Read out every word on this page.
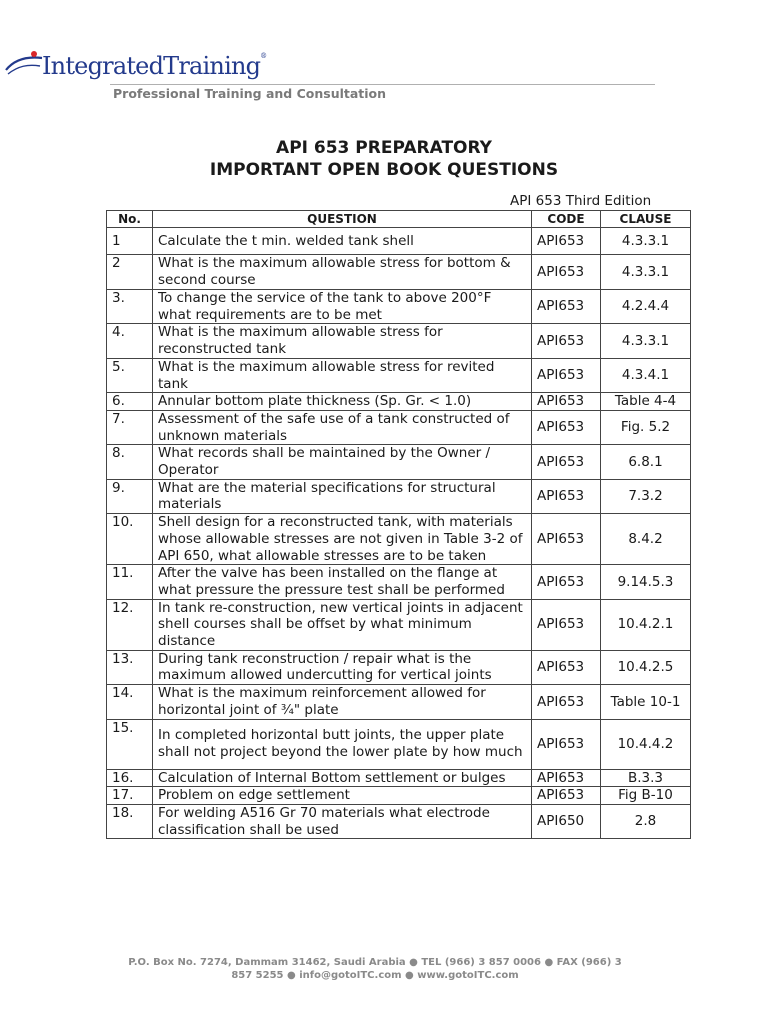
IntegratedTraining®
Professional Training and Consultation
API 653 PREPARATORY
IMPORTANT OPEN BOOK QUESTIONS
API 653 Third Edition
No.	QUESTION	CODE	CLAUSE
1	Calculate the t min. welded tank shell	API653	4.3.3.1
2	What is the maximum allowable stress for bottom & second course	API653	4.3.3.1
3.	To change the service of the tank to above 200°F what requirements are to be met	API653	4.2.4.4
4.	What is the maximum allowable stress for reconstructed tank	API653	4.3.3.1
5.	What is the maximum allowable stress for revited tank	API653	4.3.4.1
6.	Annular bottom plate thickness (Sp. Gr. < 1.0)	API653	Table 4-4
7.	Assessment of the safe use of a tank constructed of unknown materials	API653	Fig. 5.2
8.	What records shall be maintained by the Owner / Operator	API653	6.8.1
9.	What are the material specifications for structural materials	API653	7.3.2
10.	Shell design for a reconstructed tank, with materials whose allowable stresses are not given in Table 3-2 of API 650, what allowable stresses are to be taken	API653	8.4.2
11.	After the valve has been installed on the flange at what pressure the pressure test shall be performed	API653	9.14.5.3
12.	In tank re-construction, new vertical joints in adjacent shell courses shall be offset by what minimum distance	API653	10.4.2.1
13.	During tank reconstruction / repair what is the maximum allowed undercutting for vertical joints	API653	10.4.2.5
14.	What is the maximum reinforcement allowed for horizontal joint of ¾" plate	API653	Table 10-1
15.	In completed horizontal butt joints, the upper plate shall not project beyond the lower plate by how much	API653	10.4.4.2
16.	Calculation of Internal Bottom settlement or bulges	API653	B.3.3
17.	Problem on edge settlement	API653	Fig B-10
18.	For welding A516 Gr 70 materials what electrode classification shall be used	API650	2.8
P.O. Box No. 7274, Dammam 31462, Saudi Arabia ● TEL (966) 3 857 0006 ● FAX (966) 3
857 5255 ● info@gotoITC.com ● www.gotoITC.com
